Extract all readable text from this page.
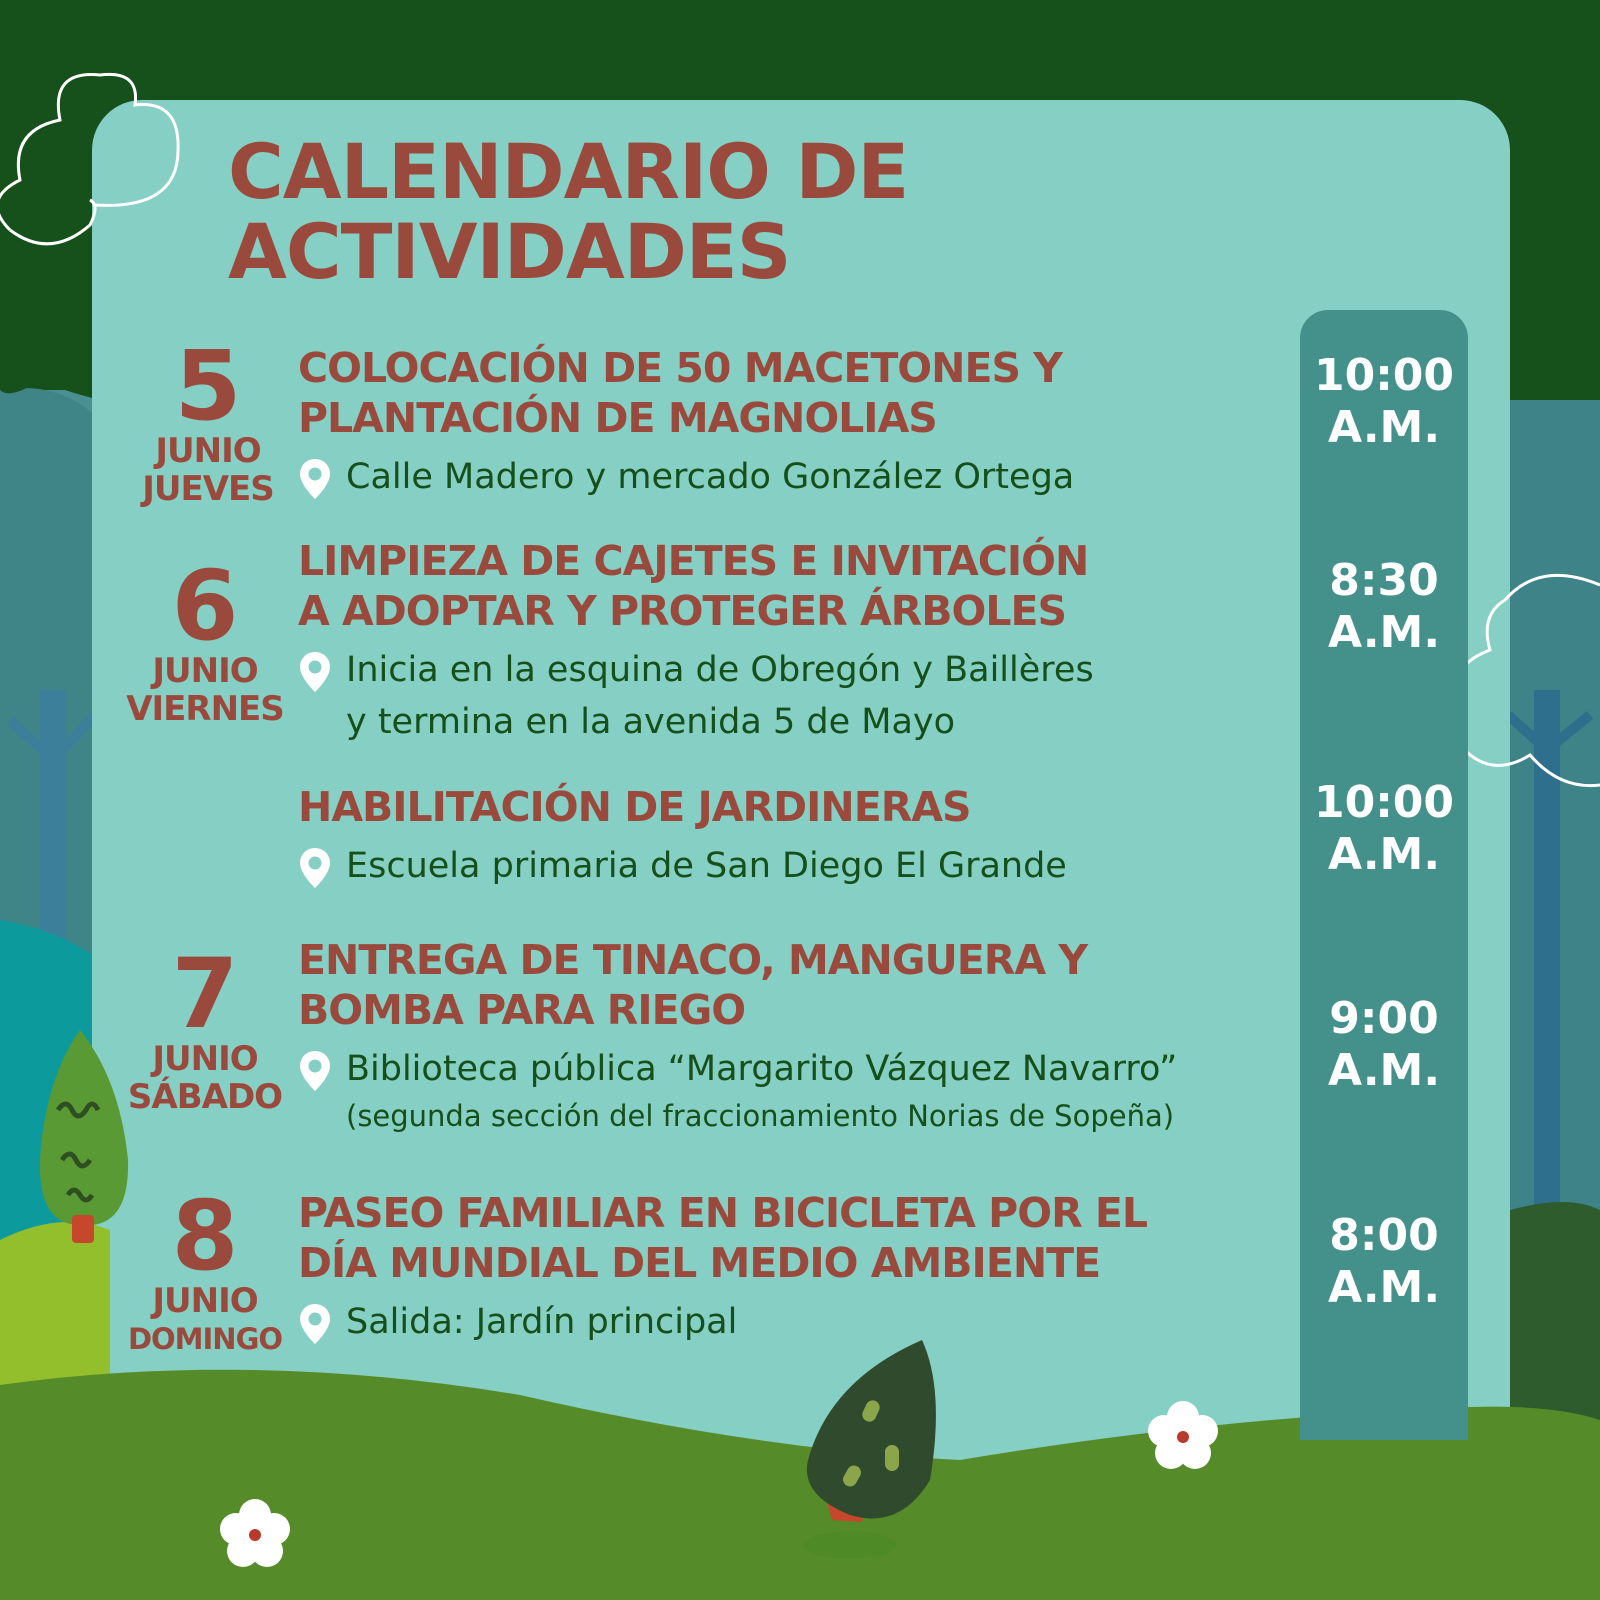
CALENDARIO DE
ACTIVIDADES
5
JUNIO
JUEVES
6
JUNIO
VIERNES
7
JUNIO
SÁBADO
8
JUNIO
DOMINGO
COLOCACIÓN DE 50 MACETONES Y
PLANTACIÓN DE MAGNOLIAS
Calle Madero y mercado González Ortega
10:00
A.M.
LIMPIEZA DE CAJETES E INVITACIÓN
A ADOPTAR Y PROTEGER ÁRBOLES
Inicia en la esquina de Obregón y Baillères
y termina en la avenida 5 de Mayo
8:30
A.M.
HABILITACIÓN DE JARDINERAS
Escuela primaria de San Diego El Grande
10:00
A.M.
ENTREGA DE TINACO, MANGUERA Y
BOMBA PARA RIEGO
Biblioteca pública “Margarito Vázquez Navarro”
(segunda sección del fraccionamiento Norias de Sopeña)
9:00
A.M.
PASEO FAMILIAR EN BICICLETA POR EL
DÍA MUNDIAL DEL MEDIO AMBIENTE
Salida: Jardín principal
8:00
A.M.
